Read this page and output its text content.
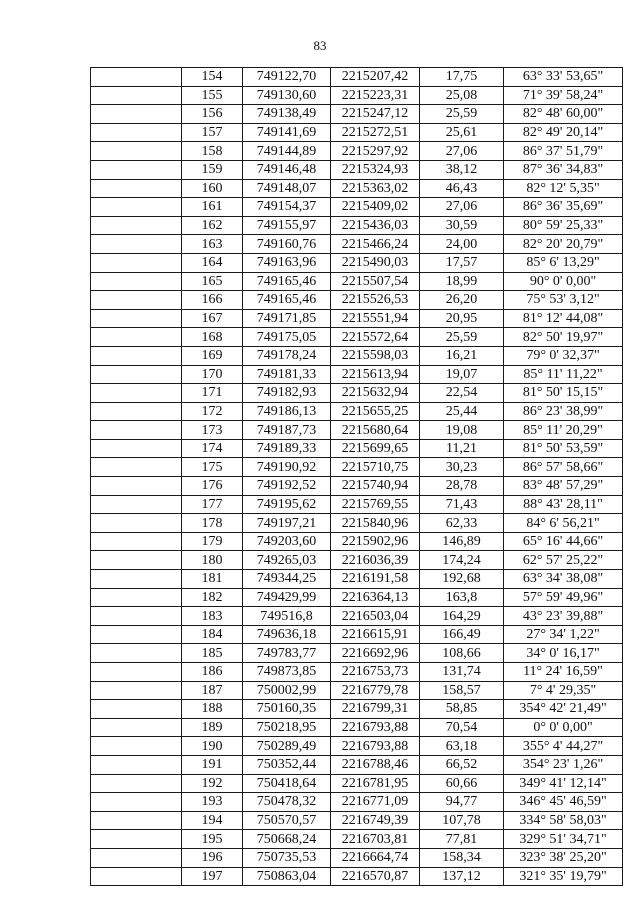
83
	154	749122,70	2215207,42	17,75	63° 33' 53,65"
	155	749130,60	2215223,31	25,08	71° 39' 58,24"
	156	749138,49	2215247,12	25,59	82° 48' 60,00"
	157	749141,69	2215272,51	25,61	82° 49' 20,14"
	158	749144,89	2215297,92	27,06	86° 37' 51,79"
	159	749146,48	2215324,93	38,12	87° 36' 34,83"
	160	749148,07	2215363,02	46,43	82° 12' 5,35"
	161	749154,37	2215409,02	27,06	86° 36' 35,69"
	162	749155,97	2215436,03	30,59	80° 59' 25,33"
	163	749160,76	2215466,24	24,00	82° 20' 20,79"
	164	749163,96	2215490,03	17,57	85° 6' 13,29"
	165	749165,46	2215507,54	18,99	90° 0' 0,00"
	166	749165,46	2215526,53	26,20	75° 53' 3,12"
	167	749171,85	2215551,94	20,95	81° 12' 44,08"
	168	749175,05	2215572,64	25,59	82° 50' 19,97"
	169	749178,24	2215598,03	16,21	79° 0' 32,37"
	170	749181,33	2215613,94	19,07	85° 11' 11,22"
	171	749182,93	2215632,94	22,54	81° 50' 15,15"
	172	749186,13	2215655,25	25,44	86° 23' 38,99"
	173	749187,73	2215680,64	19,08	85° 11' 20,29"
	174	749189,33	2215699,65	11,21	81° 50' 53,59"
	175	749190,92	2215710,75	30,23	86° 57' 58,66"
	176	749192,52	2215740,94	28,78	83° 48' 57,29"
	177	749195,62	2215769,55	71,43	88° 43' 28,11"
	178	749197,21	2215840,96	62,33	84° 6' 56,21"
	179	749203,60	2215902,96	146,89	65° 16' 44,66"
	180	749265,03	2216036,39	174,24	62° 57' 25,22"
	181	749344,25	2216191,58	192,68	63° 34' 38,08"
	182	749429,99	2216364,13	163,8	57° 59' 49,96"
	183	749516,8	2216503,04	164,29	43° 23' 39,88"
	184	749636,18	2216615,91	166,49	27° 34' 1,22"
	185	749783,77	2216692,96	108,66	34° 0' 16,17"
	186	749873,85	2216753,73	131,74	11° 24' 16,59"
	187	750002,99	2216779,78	158,57	7° 4' 29,35"
	188	750160,35	2216799,31	58,85	354° 42' 21,49"
	189	750218,95	2216793,88	70,54	0° 0' 0,00"
	190	750289,49	2216793,88	63,18	355° 4' 44,27"
	191	750352,44	2216788,46	66,52	354° 23' 1,26"
	192	750418,64	2216781,95	60,66	349° 41' 12,14"
	193	750478,32	2216771,09	94,77	346° 45' 46,59"
	194	750570,57	2216749,39	107,78	334° 58' 58,03"
	195	750668,24	2216703,81	77,81	329° 51' 34,71"
	196	750735,53	2216664,74	158,34	323° 38' 25,20"
	197	750863,04	2216570,87	137,12	321° 35' 19,79"
